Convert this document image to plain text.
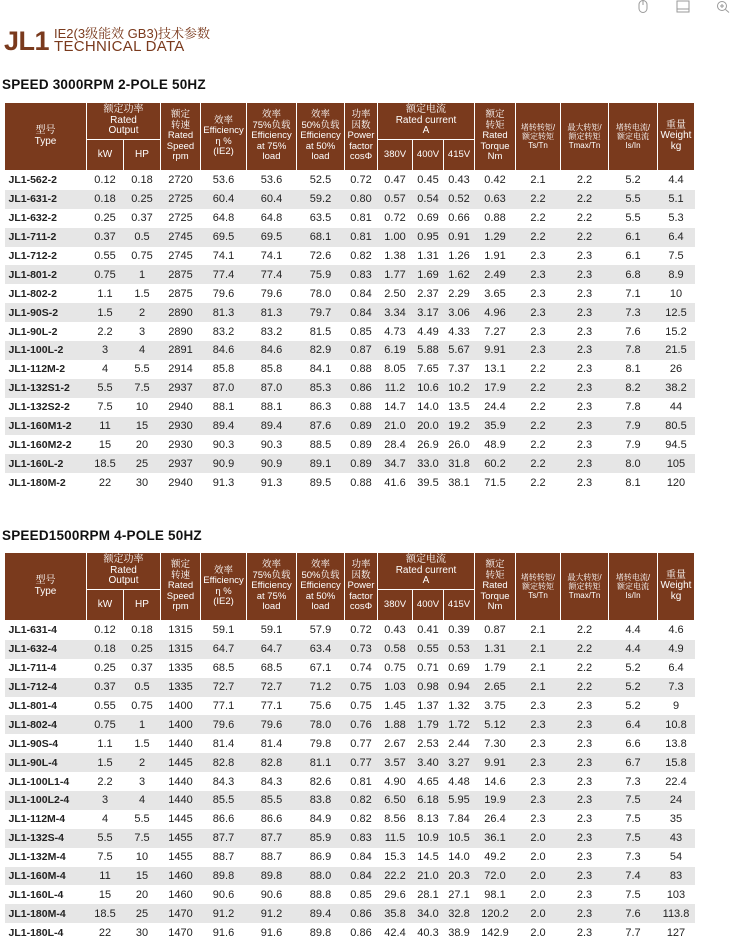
JL1 IE2(3级能效 GB3)技术参数
TECHNICAL DATA
SPEED 3000RPM 2-POLE 50HZ
型号
Type	额定功率
Rated
Output		额定
转速
Rated
Speed
rpm	效率
Efficiency
η %
(IE2)	效率
75%负载
Efficiency
at 75%
load	效率
50%负载
Efficiency
at 50%
load	功率
因数
Power
factor
cosΦ	额定电流
Rated current
A			额定
转矩
Rated
Torque
Nm	堵转转矩/
额定转矩
Ts/Tn	最大转矩/
额定转矩
Tmax/Tn	堵转电流/
额定电流
Is/In	重量
Weight
kg

	kW	HP						380V	400V	415V					
JL1-562-2	0.12	0.18	2720	53.6	53.6	52.5	0.72	0.47	0.45	0.43	0.42	2.1	2.2	5.2	4.4
JL1-631-2	0.18	0.25	2725	60.4	60.4	59.2	0.80	0.57	0.54	0.52	0.63	2.2	2.2	5.5	5.1
JL1-632-2	0.25	0.37	2725	64.8	64.8	63.5	0.81	0.72	0.69	0.66	0.88	2.2	2.2	5.5	5.3
JL1-711-2	0.37	0.5	2745	69.5	69.5	68.1	0.81	1.00	0.95	0.91	1.29	2.2	2.2	6.1	6.4
JL1-712-2	0.55	0.75	2745	74.1	74.1	72.6	0.82	1.38	1.31	1.26	1.91	2.3	2.3	6.1	7.5
JL1-801-2	0.75	1	2875	77.4	77.4	75.9	0.83	1.77	1.69	1.62	2.49	2.3	2.3	6.8	8.9
JL1-802-2	1.1	1.5	2875	79.6	79.6	78.0	0.84	2.50	2.37	2.29	3.65	2.3	2.3	7.1	10
JL1-90S-2	1.5	2	2890	81.3	81.3	79.7	0.84	3.34	3.17	3.06	4.96	2.3	2.3	7.3	12.5
JL1-90L-2	2.2	3	2890	83.2	83.2	81.5	0.85	4.73	4.49	4.33	7.27	2.3	2.3	7.6	15.2
JL1-100L-2	3	4	2891	84.6	84.6	82.9	0.87	6.19	5.88	5.67	9.91	2.3	2.3	7.8	21.5
JL1-112M-2	4	5.5	2914	85.8	85.8	84.1	0.88	8.05	7.65	7.37	13.1	2.2	2.3	8.1	26
JL1-132S1-2	5.5	7.5	2937	87.0	87.0	85.3	0.86	11.2	10.6	10.2	17.9	2.2	2.3	8.2	38.2
JL1-132S2-2	7.5	10	2940	88.1	88.1	86.3	0.88	14.7	14.0	13.5	24.4	2.2	2.3	7.8	44
JL1-160M1-2	11	15	2930	89.4	89.4	87.6	0.89	21.0	20.0	19.2	35.9	2.2	2.3	7.9	80.5
JL1-160M2-2	15	20	2930	90.3	90.3	88.5	0.89	28.4	26.9	26.0	48.9	2.2	2.3	7.9	94.5
JL1-160L-2	18.5	25	2937	90.9	90.9	89.1	0.89	34.7	33.0	31.8	60.2	2.2	2.3	8.0	105
JL1-180M-2	22	30	2940	91.3	91.3	89.5	0.88	41.6	39.5	38.1	71.5	2.2	2.3	8.1	120
SPEED1500RPM 4-POLE 50HZ
型号
Type	额定功率
Rated
Output		额定
转速
Rated
Speed
rpm	效率
Efficiency
η %
(IE2)	效率
75%负载
Efficiency
at 75%
load	效率
50%负载
Efficiency
at 50%
load	功率
因数
Power
factor
cosΦ	额定电流
Rated current
A			额定
转矩
Rated
Torque
Nm	堵转转矩/
额定转矩
Ts/Tn	最大转矩/
额定转矩
Tmax/Tn	堵转电流/
额定电流
Is/In	重量
Weight
kg

	kW	HP						380V	400V	415V					
JL1-631-4	0.12	0.18	1315	59.1	59.1	57.9	0.72	0.43	0.41	0.39	0.87	2.1	2.2	4.4	4.6
JL1-632-4	0.18	0.25	1315	64.7	64.7	63.4	0.73	0.58	0.55	0.53	1.31	2.1	2.2	4.4	4.9
JL1-711-4	0.25	0.37	1335	68.5	68.5	67.1	0.74	0.75	0.71	0.69	1.79	2.1	2.2	5.2	6.4
JL1-712-4	0.37	0.5	1335	72.7	72.7	71.2	0.75	1.03	0.98	0.94	2.65	2.1	2.2	5.2	7.3
JL1-801-4	0.55	0.75	1400	77.1	77.1	75.6	0.75	1.45	1.37	1.32	3.75	2.3	2.3	5.2	9
JL1-802-4	0.75	1	1400	79.6	79.6	78.0	0.76	1.88	1.79	1.72	5.12	2.3	2.3	6.4	10.8
JL1-90S-4	1.1	1.5	1440	81.4	81.4	79.8	0.77	2.67	2.53	2.44	7.30	2.3	2.3	6.6	13.8
JL1-90L-4	1.5	2	1445	82.8	82.8	81.1	0.77	3.57	3.40	3.27	9.91	2.3	2.3	6.7	15.8
JL1-100L1-4	2.2	3	1440	84.3	84.3	82.6	0.81	4.90	4.65	4.48	14.6	2.3	2.3	7.3	22.4
JL1-100L2-4	3	4	1440	85.5	85.5	83.8	0.82	6.50	6.18	5.95	19.9	2.3	2.3	7.5	24
JL1-112M-4	4	5.5	1445	86.6	86.6	84.9	0.82	8.56	8.13	7.84	26.4	2.3	2.3	7.5	35
JL1-132S-4	5.5	7.5	1455	87.7	87.7	85.9	0.83	11.5	10.9	10.5	36.1	2.0	2.3	7.5	43
JL1-132M-4	7.5	10	1455	88.7	88.7	86.9	0.84	15.3	14.5	14.0	49.2	2.0	2.3	7.3	54
JL1-160M-4	11	15	1460	89.8	89.8	88.0	0.84	22.2	21.0	20.3	72.0	2.0	2.3	7.4	83
JL1-160L-4	15	20	1460	90.6	90.6	88.8	0.85	29.6	28.1	27.1	98.1	2.0	2.3	7.5	103
JL1-180M-4	18.5	25	1470	91.2	91.2	89.4	0.86	35.8	34.0	32.8	120.2	2.0	2.3	7.6	113.8
JL1-180L-4	22	30	1470	91.6	91.6	89.8	0.86	42.4	40.3	38.9	142.9	2.0	2.3	7.7	127
